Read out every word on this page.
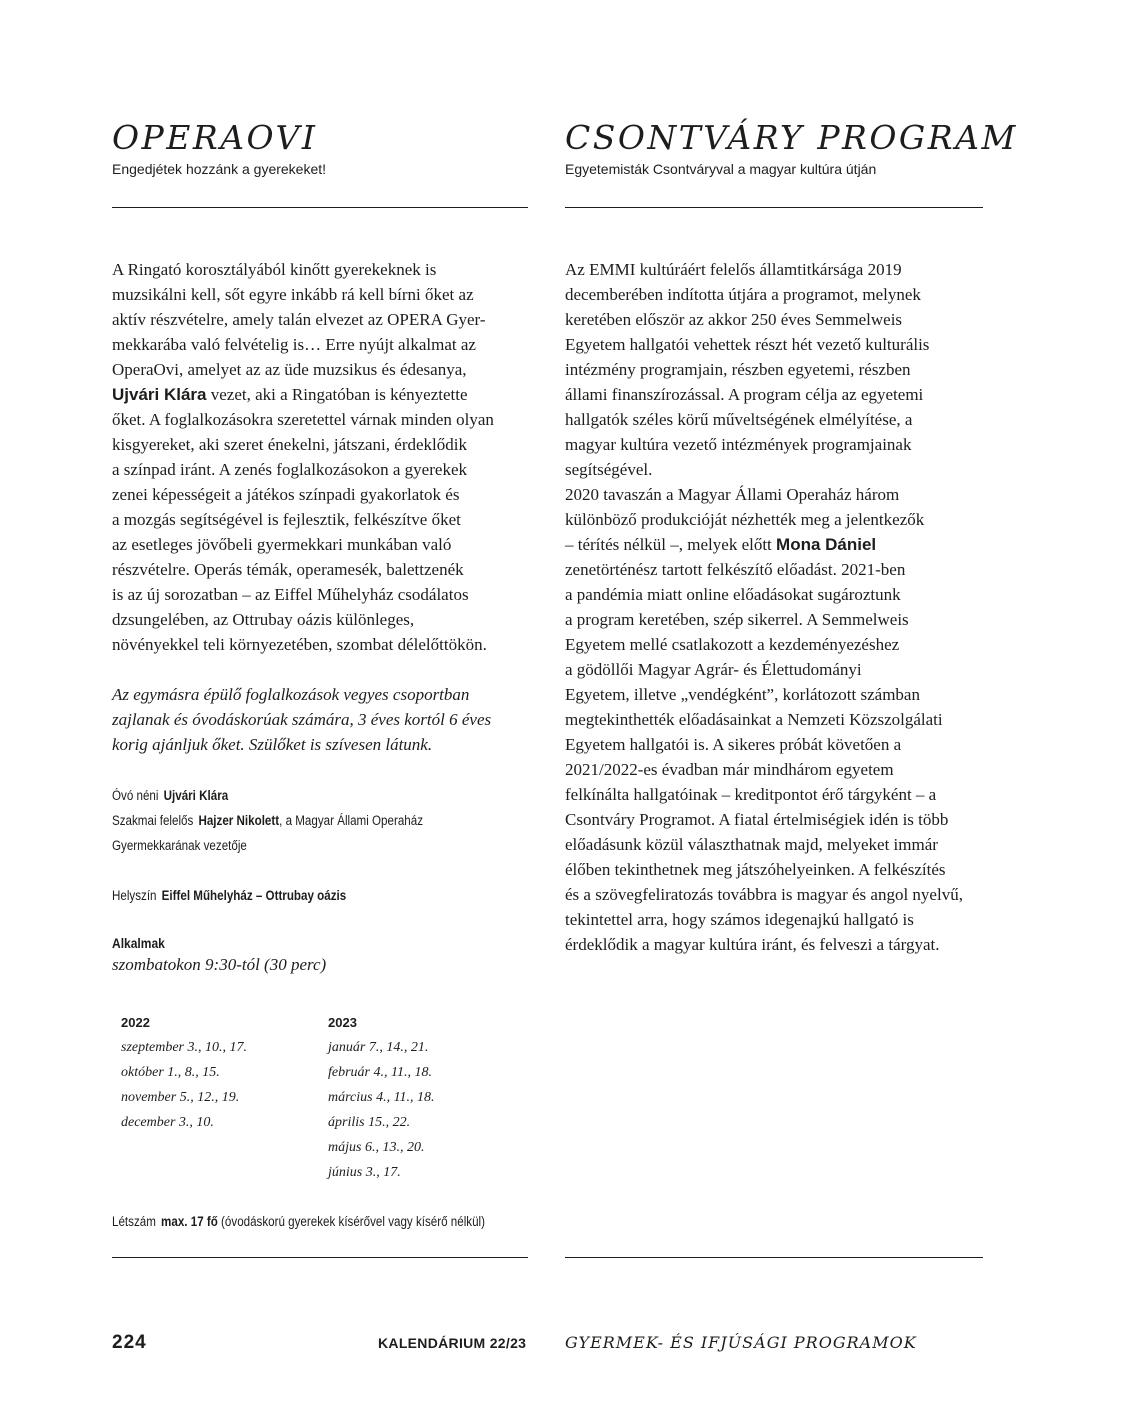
OPERAOVI
Engedjétek hozzánk a gyerekeket!
A Ringató korosztályából kinőtt gyerekeknek is
muzsikálni kell, sőt egyre inkább rá kell bírni őket az
aktív részvételre, amely talán elvezet az OPERA Gyer-
mekkarába való felvételig is… Erre nyújt alkalmat az
OperaOvi, amelyet az az üde muzsikus és édesanya,
Ujvári Klára vezet, aki a Ringatóban is kényeztette
őket. A foglalkozásokra szeretettel várnak minden olyan
kisgyereket, aki szeret énekelni, játszani, érdeklődik
a színpad iránt. A zenés foglalkozásokon a gyerekek
zenei képességeit a játékos színpadi gyakorlatok és
a mozgás segítségével is fejlesztik, felkészítve őket
az esetleges jövőbeli gyermekkari munkában való
részvételre. Operás témák, operamesék, balettzenék
is az új sorozatban – az Eiffel Műhelyház csodálatos
dzsungelében, az Ottrubay oázis különleges,
növényekkel teli környezetében, szombat délelőttökön.
Az egymásra épülő foglalkozások vegyes csoportban
zajlanak és óvodáskorúak számára, 3 éves kortól 6 éves
korig ajánljuk őket. Szülőket is szívesen látunk.
Óvó néni Ujvári Klára
Szakmai felelős Hajzer Nikolett, a Magyar Állami Operaház
Gyermekkarának vezetője
Helyszín Eiffel Műhelyház – Ottrubay oázis
Alkalmak
szombatokon 9:30-tól (30 perc)
2022
szeptember 3., 10., 17.
október 1., 8., 15.
november 5., 12., 19.
december 3., 10.
2023
január 7., 14., 21.
február 4., 11., 18.
március 4., 11., 18.
április 15., 22.
május 6., 13., 20.
június 3., 17.
Létszám max. 17 fő (óvodáskorú gyerekek kísérővel vagy kísérő nélkül)
CSONTVÁRY PROGRAM
Egyetemisták Csontváryval a magyar kultúra útján
Az EMMI kultúráért felelős államtitkársága 2019
decemberében indította útjára a programot, melynek
keretében először az akkor 250 éves Semmelweis
Egyetem hallgatói vehettek részt hét vezető kulturális
intézmény programjain, részben egyetemi, részben
állami finanszírozással. A program célja az egyetemi
hallgatók széles körű műveltségének elmélyítése, a
magyar kultúra vezető intézmények programjainak
segítségével.
2020 tavaszán a Magyar Állami Operaház három
különböző produkcióját nézhették meg a jelentkezők
– térítés nélkül –, melyek előtt Mona Dániel
zenetörténész tartott felkészítő előadást. 2021-ben
a pandémia miatt online előadásokat sugároztunk
a program keretében, szép sikerrel. A Semmelweis
Egyetem mellé csatlakozott a kezdeményezéshez
a gödöllői Magyar Agrár- és Élettudományi
Egyetem, illetve „vendégként”, korlátozott számban
megtekinthették előadásainkat a Nemzeti Közszolgálati
Egyetem hallgatói is. A sikeres próbát követően a
2021/2022-es évadban már mindhárom egyetem
felkínálta hallgatóinak – kreditpontot érő tárgyként – a
Csontváry Programot. A fiatal értelmiségiek idén is több
előadásunk közül választhatnak majd, melyeket immár
élőben tekinthetnek meg játszóhelyeinken. A felkészítés
és a szövegfeliratozás továbbra is magyar és angol nyelvű,
tekintettel arra, hogy számos idegenajkú hallgató is
érdeklődik a magyar kultúra iránt, és felveszi a tárgyat.
224	KALENDÁRIUM 22/23 GYERMEK- ÉS IFJÚSÁGI PROGRAMOK
